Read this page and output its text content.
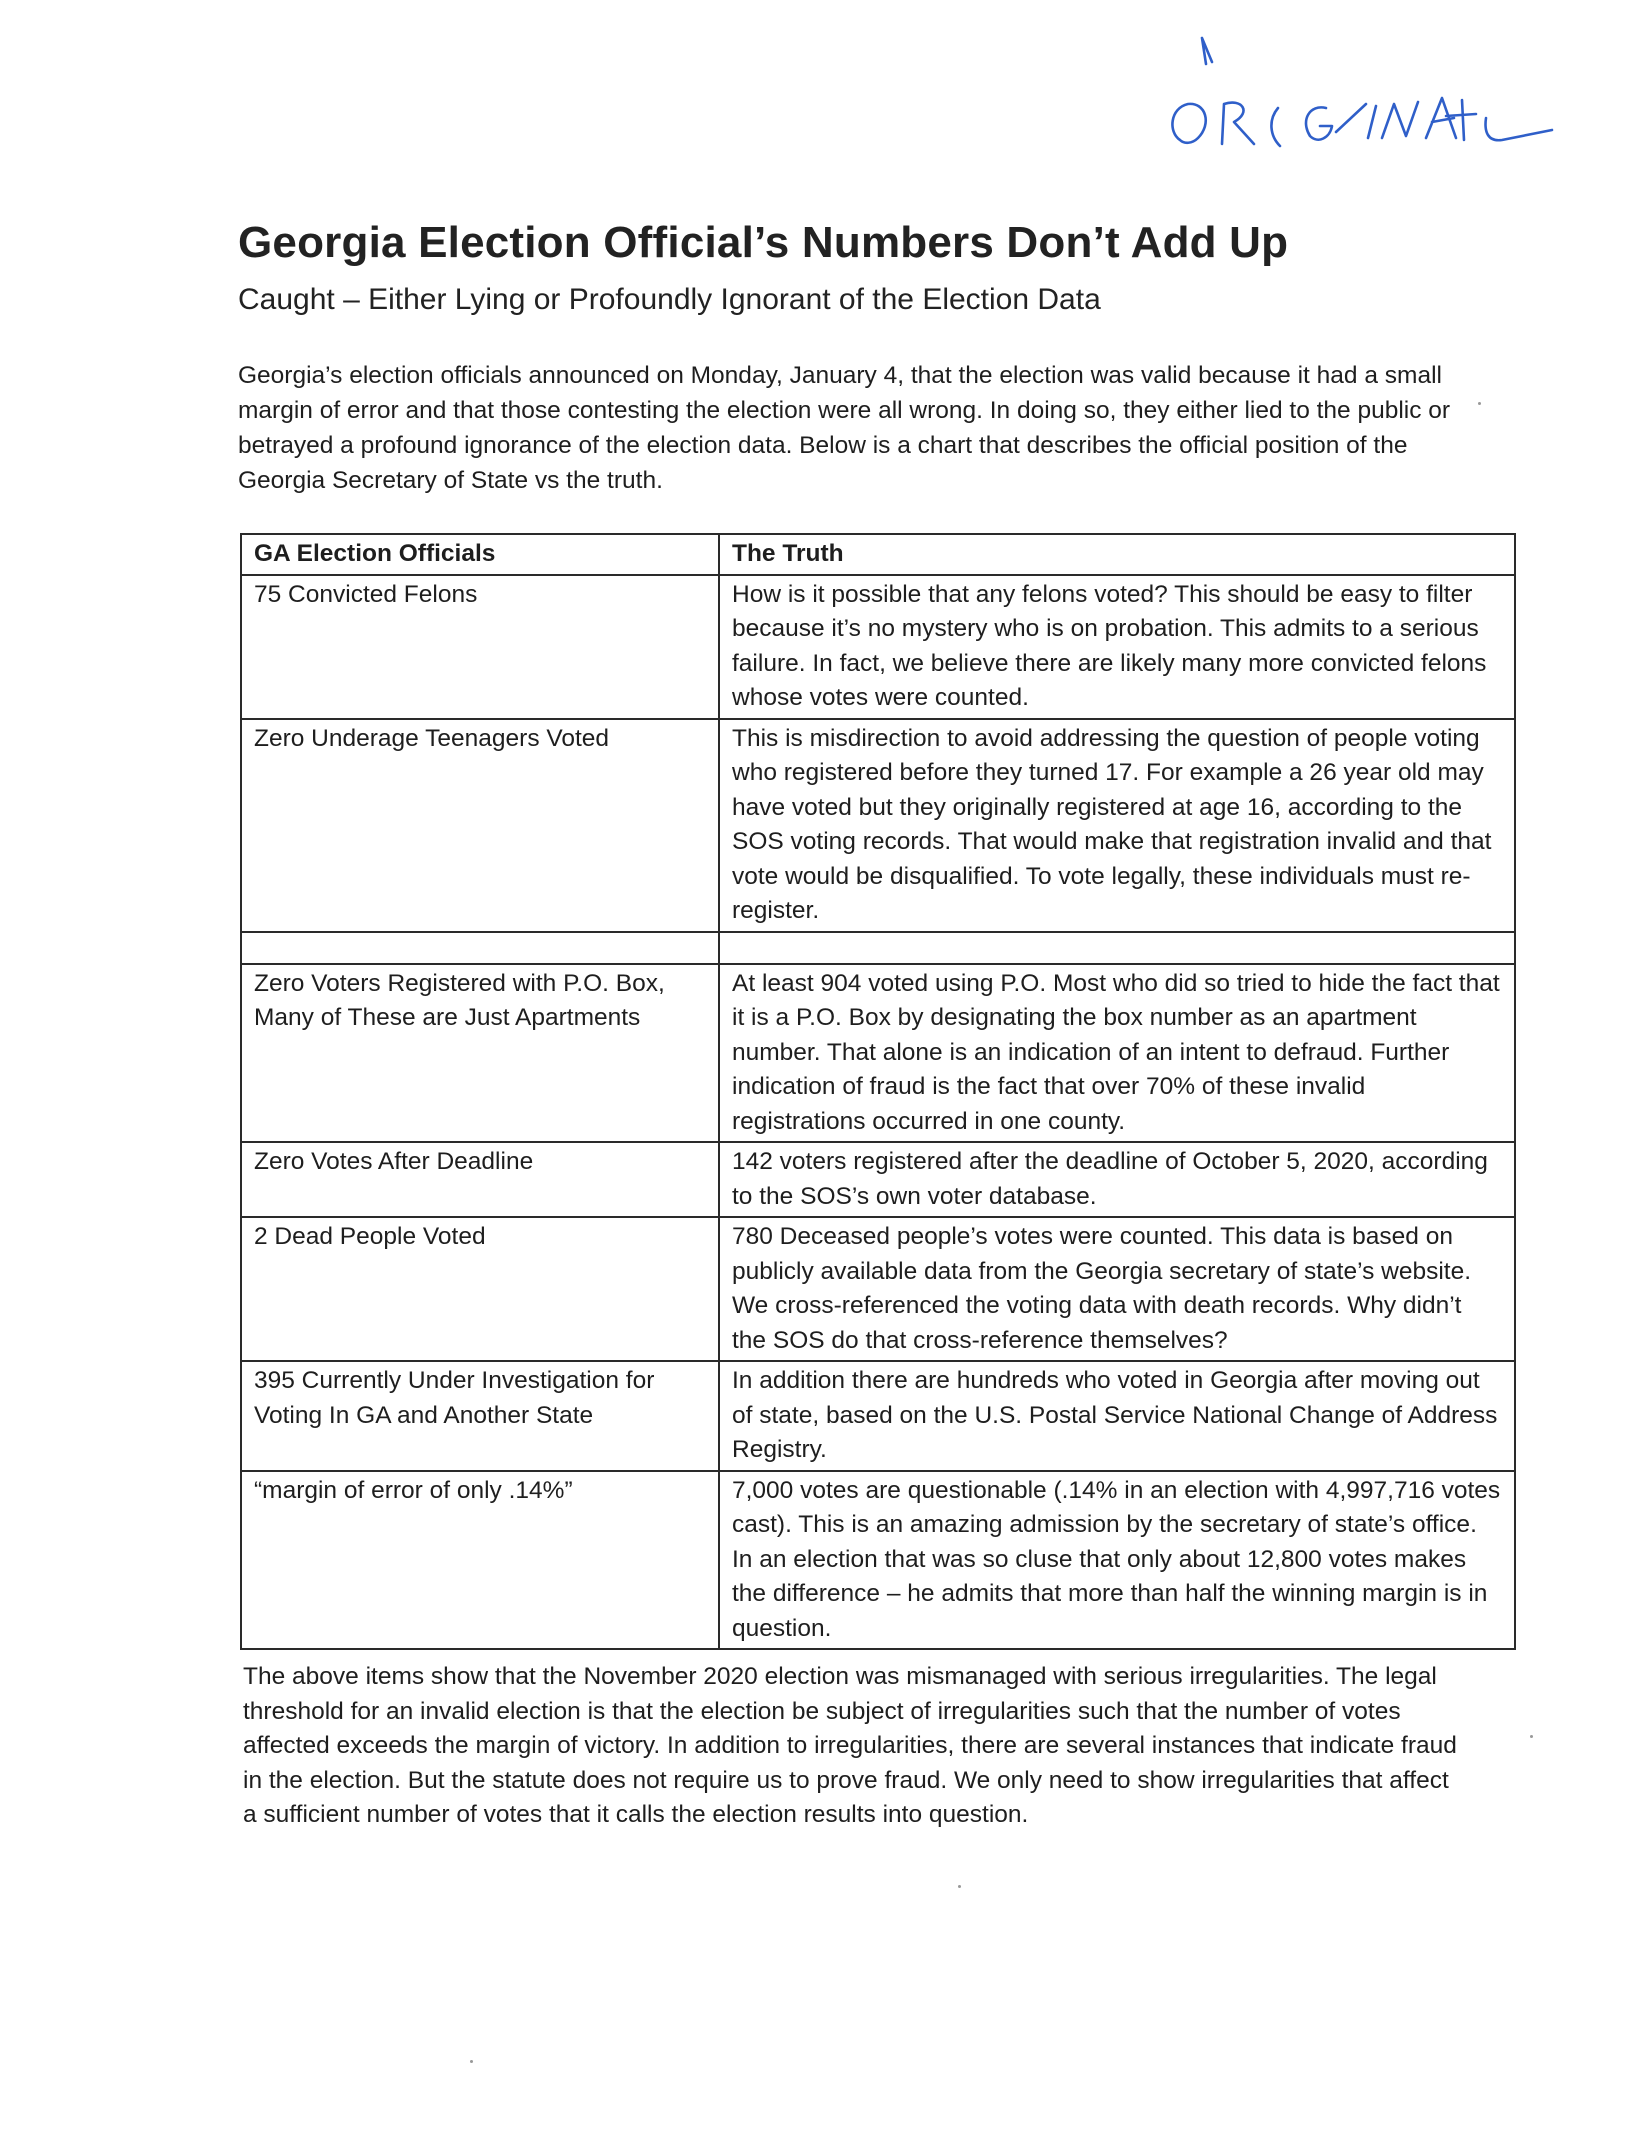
Georgia Election Official’s Numbers Don’t Add Up
Caught – Either Lying or Profoundly Ignorant of the Election Data

Georgia’s election officials announced on Monday, January 4, that the election was valid because it had a small margin of error and that those contesting the election were all wrong. In doing so, they either lied to the public or betrayed a profound ignorance of the election data. Below is a chart that describes the official position of the Georgia Secretary of State vs the truth.

GA Election Officials	The Truth
75 Convicted Felons	How is it possible that any felons voted? This should be easy to filter because it’s no mystery who is on probation. This admits to a serious failure. In fact, we believe there are likely many more convicted felons whose votes were counted.
Zero Underage Teenagers Voted	This is misdirection to avoid addressing the question of people voting who registered before they turned 17. For example a 26 year old may have voted but they originally registered at age 16, according to the SOS voting records. That would make that registration invalid and that vote would be disqualified. To vote legally, these individuals must re-register.

Zero Voters Registered with P.O. Box, Many of These are Just Apartments	At least 904 voted using P.O. Most who did so tried to hide the fact that it is a P.O. Box by designating the box number as an apartment number. That alone is an indication of an intent to defraud. Further indication of fraud is the fact that over 70% of these invalid registrations occurred in one county.
Zero Votes After Deadline	142 voters registered after the deadline of October 5, 2020, according to the SOS’s own voter database.
2 Dead People Voted	780 Deceased people’s votes were counted. This data is based on publicly available data from the Georgia secretary of state’s website. We cross-referenced the voting data with death records. Why didn’t the SOS do that cross-reference themselves?
395 Currently Under Investigation for Voting In GA and Another State	In addition there are hundreds who voted in Georgia after moving out of state, based on the U.S. Postal Service National Change of Address Registry.
“margin of error of only .14%”	7,000 votes are questionable (.14% in an election with 4,997,716 votes cast). This is an amazing admission by the secretary of state’s office. In an election that was so cluse that only about 12,800 votes makes the difference – he admits that more than half the winning margin is in question.

The above items show that the November 2020 election was mismanaged with serious irregularities. The legal threshold for an invalid election is that the election be subject of irregularities such that the number of votes affected exceeds the margin of victory. In addition to irregularities, there are several instances that indicate fraud in the election. But the statute does not require us to prove fraud. We only need to show irregularities that affect a sufficient number of votes that it calls the election results into question.
